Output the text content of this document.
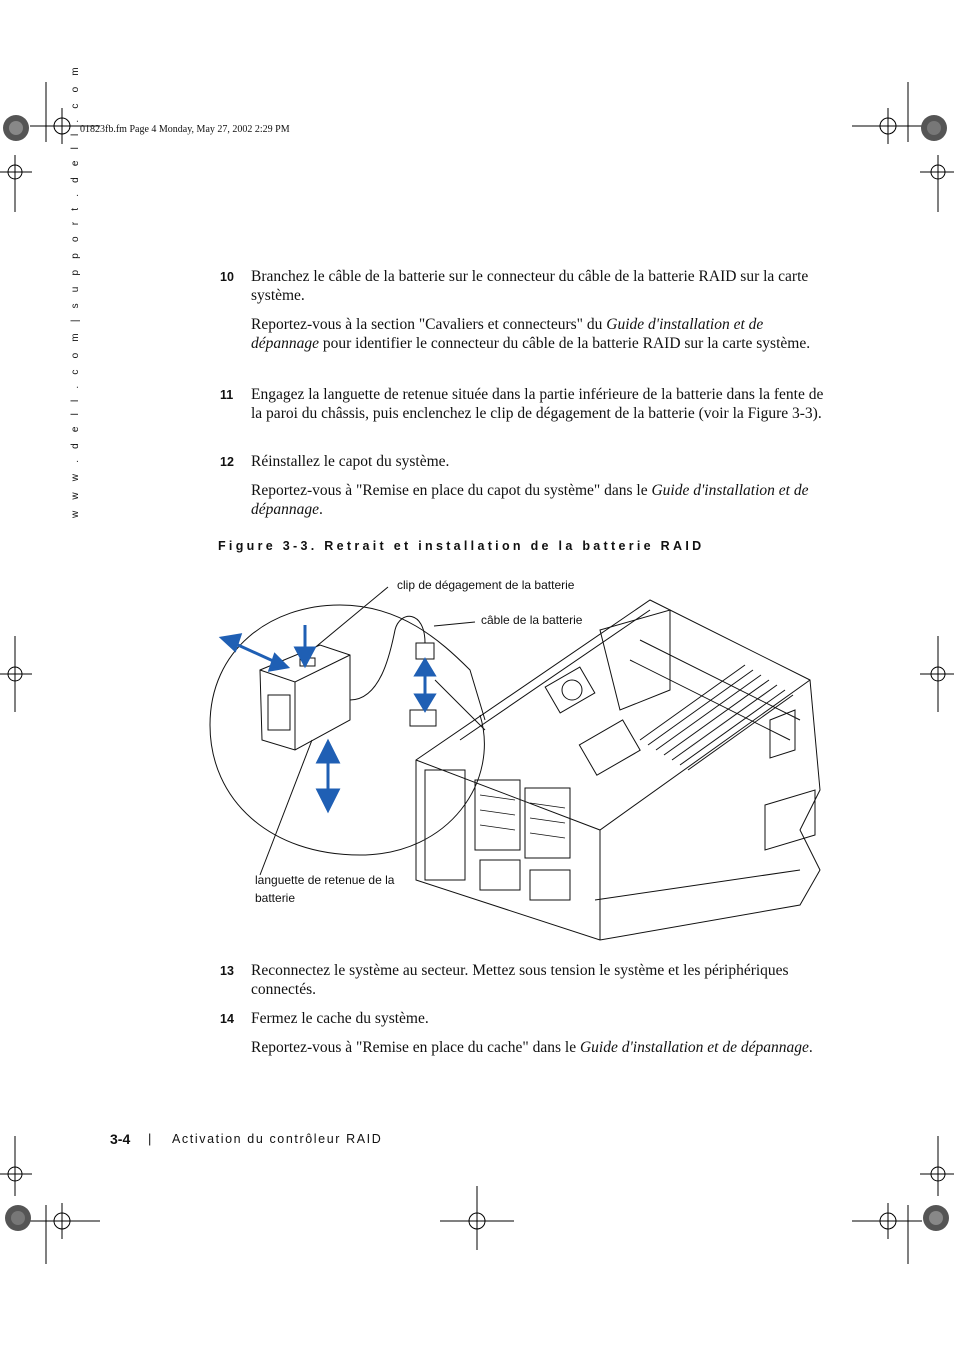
01823fb.fm Page 4 Monday, May 27, 2002 2:29 PM
w w w . d e l l . c o m | s u p p o r t . d e l l . c o m	10 Branchez le câble de la batterie sur le connecteur du câble de la batterie RAID sur la carte système.
Reportez-vous à la section "Cavaliers et connecteurs" du Guide d'installation et de dépannage pour identifier le connecteur du câble de la batterie RAID sur la carte système.
11 Engagez la languette de retenue située dans la partie inférieure de la batterie dans la fente de la paroi du châssis, puis enclenchez le clip de dégagement de la batterie (voir la Figure 3-3).
12 Réinstallez le capot du système.
Reportez-vous à "Remise en place du capot du système" dans le Guide d'installation et de dépannage.
Figure 3-3. Retrait et installation de la batterie RAID
clip de dégagement de la batterie
câble de la batterie
languette de retenue de la batterie
13 Reconnectez le système au secteur. Mettez sous tension le système et les périphériques connectés.
14 Fermez le cache du système.
Reportez-vous à "Remise en place du cache" dans le Guide d'installation et de dépannage.
3-4 | Activation du contrôleur RAID
